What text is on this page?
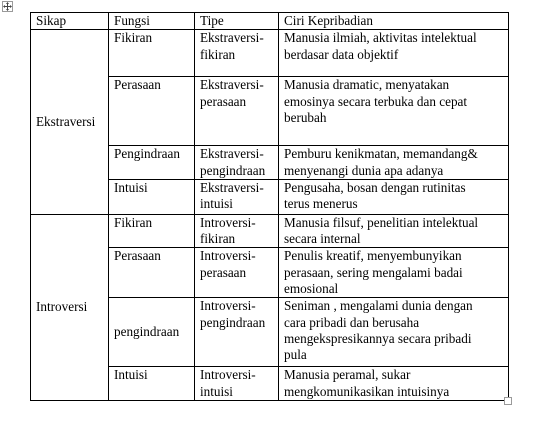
Sikap	Fungsi	Tipe	Ciri Kepribadian

Ekstraversi	Fikiran	Ekstraversi-
fikiran	Manusia ilmiah, aktivitas intelektual
berdasar data objektif

	Perasaan	Ekstraversi-
perasaan	Manusia dramatic, menyatakan
emosinya secara terbuka dan cepat
berubah

	Pengindraan	Ekstraversi-
pengindraan	Pemburu kenikmatan, memandang&
menyenangi dunia apa adanya

	Intuisi	Ekstraversi-
intuisi	Pengusaha, bosan dengan rutinitas
terus menerus

Introversi	Fikiran	Introversi-
fikiran	Manusia filsuf, penelitian intelektual
secara internal

	Perasaan	Introversi-
perasaan	Penulis kreatif, menyembunyikan
perasaan, sering mengalami badai
emosional

	pengindraan	Introversi-
pengindraan	Seniman , mengalami dunia dengan
cara pribadi dan berusaha
mengekspresikannya secara pribadi
pula

	Intuisi	Introversi-
intuisi	Manusia peramal, sukar
mengkomunikasikan intuisinya
